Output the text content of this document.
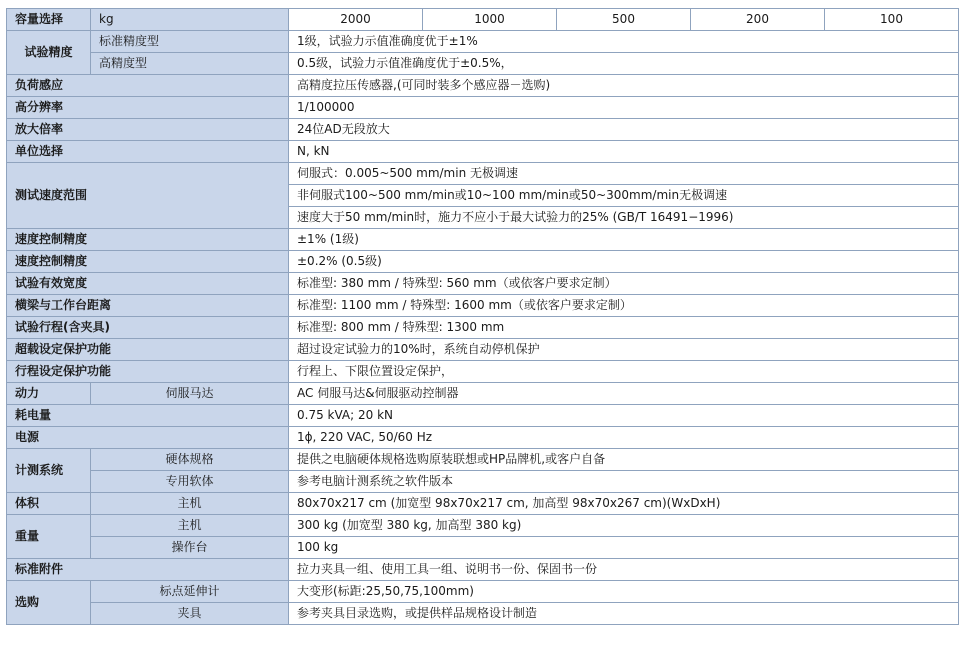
容量选择	kg	2000	1000	500	200	100
试验精度	标准精度型	1级，试验力示值准确度优于±1%				
	高精度型	0.5级，试验力示值准确度优于±0.5%，				
负荷感应		高精度拉压传感器,(可同时装多个感应器－选购)				
高分辨率		1/100000				
放大倍率		24位AD无段放大				
单位选择		N, kN				
测试速度范围		伺服式：0.005~500 mm/min 无极调速				
		非伺服式100~500 mm/min或10~100 mm/min或50~300mm/min无极调速				
		速度大于50 mm/min时，施力不应小于最大试验力的25% (GB/T 16491−1996)				
速度控制精度		±1% (1级)				
速度控制精度		±0.2% (0.5级)				
试验有效宽度		标准型: 380 mm / 特殊型: 560 mm（或依客户要求定制）				
横梁与工作台距离		标准型: 1100 mm / 特殊型: 1600 mm（或依客户要求定制）				
试验行程(含夹具)		标准型: 800 mm / 特殊型: 1300 mm				
超载设定保护功能		超过设定试验力的10%时，系统自动停机保护				
行程设定保护功能		行程上、下限位置设定保护，				
动力	伺服马达	AC 伺服马达&伺服驱动控制器				
耗电量		0.75 kVA; 20 kN				
电源		1ϕ, 220 VAC, 50/60 Hz				
计测系统	硬体规格	提供之电脑硬体规格选购原装联想或HP品牌机,或客户自备				
	专用软体	参考电脑计测系统之软件版本				
体积	主机	80x70x217 cm (加宽型 98x70x217 cm, 加高型 98x70x267 cm)(WxDxH)				
重量	主机	300 kg (加宽型 380 kg, 加高型 380 kg)				
	操作台	100 kg				
标准附件		拉力夹具一组、使用工具一组、说明书一份、保固书一份				
选购	标点延伸计	大变形(标距:25,50,75,100mm)				
	夹具	参考夹具目录选购，或提供样品规格设计制造				
